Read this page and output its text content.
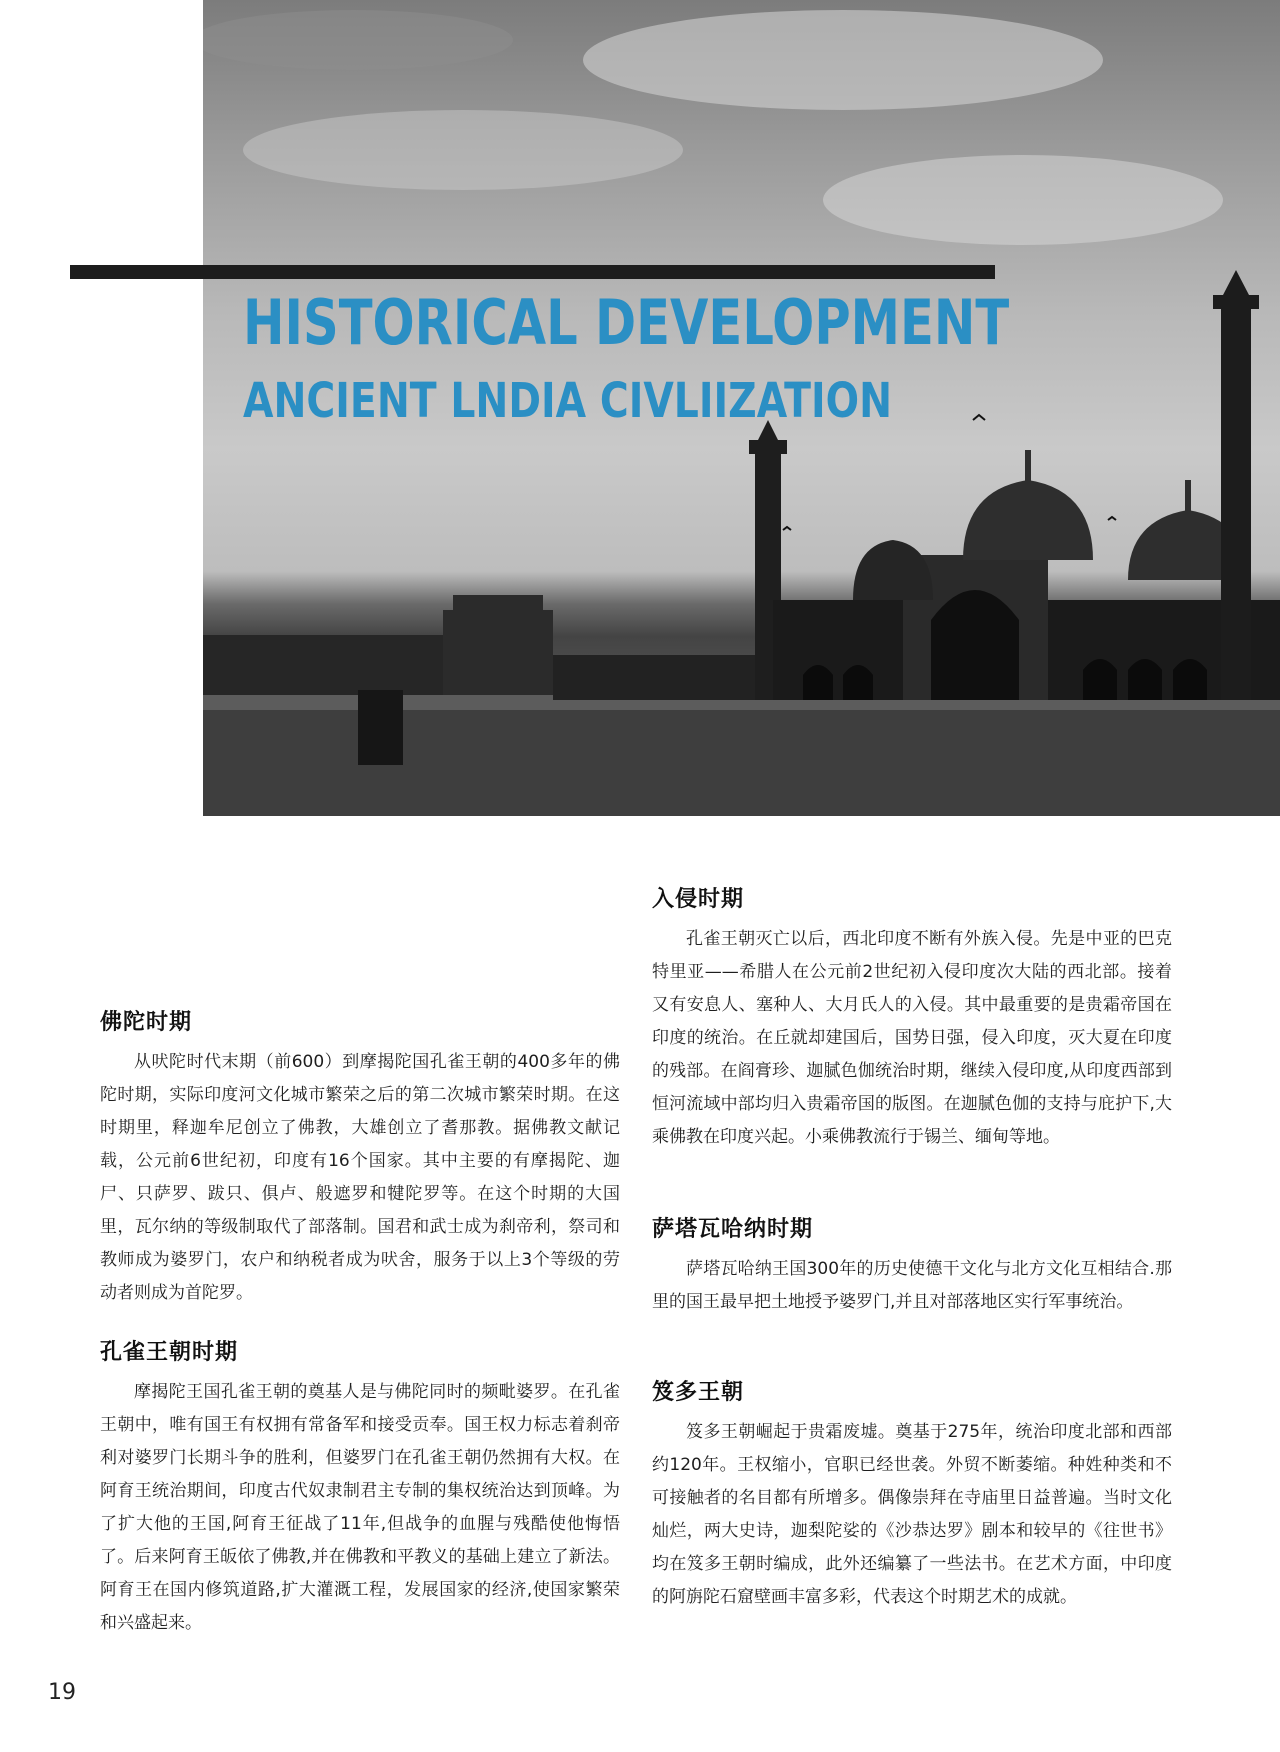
HISTORICAL DEVELOPMENT
ANCIENT LNDIA CIVLIIZATION
佛陀时期

从吠陀时代末期（前600）到摩揭陀国孔雀王朝的400多年的佛陀时期，实际印度河文化城市繁荣之后的第二次城市繁荣时期。在这时期里，释迦牟尼创立了佛教，大雄创立了耆那教。据佛教文献记载，公元前6世纪初，印度有16个国家。其中主要的有摩揭陀、迦尸、只萨罗、跋只、俱卢、般遮罗和犍陀罗等。在这个时期的大国里，瓦尔纳的等级制取代了部落制。国君和武士成为刹帝利，祭司和教师成为婆罗门，农户和纳税者成为吠舍，服务于以上3个等级的劳动者则成为首陀罗。

孔雀王朝时期

摩揭陀王国孔雀王朝的奠基人是与佛陀同时的频毗婆罗。在孔雀王朝中，唯有国王有权拥有常备军和接受贡奉。国王权力标志着刹帝利对婆罗门长期斗争的胜利，但婆罗门在孔雀王朝仍然拥有大权。在阿育王统治期间，印度古代奴隶制君主专制的集权统治达到顶峰。为了扩大他的王国,阿育王征战了11年,但战争的血腥与残酷使他悔悟了。后来阿育王皈依了佛教,并在佛教和平教义的基础上建立了新法。阿育王在国内修筑道路,扩大灌溉工程，发展国家的经济,使国家繁荣和兴盛起来。

入侵时期

孔雀王朝灭亡以后，西北印度不断有外族入侵。先是中亚的巴克特里亚——希腊人在公元前2世纪初入侵印度次大陆的西北部。接着又有安息人、塞种人、大月氏人的入侵。其中最重要的是贵霜帝国在印度的统治。在丘就却建国后，国势日强，侵入印度，灭大夏在印度的残部。在阎膏珍、迦腻色伽统治时期，继续入侵印度,从印度西部到恒河流域中部均归入贵霜帝国的版图。在迦腻色伽的支持与庇护下,大乘佛教在印度兴起。小乘佛教流行于锡兰、缅甸等地。

萨塔瓦哈纳时期

萨塔瓦哈纳王国300年的历史使德干文化与北方文化互相结合.那里的国王最早把土地授予婆罗门,并且对部落地区实行军事统治。

笈多王朝

笈多王朝崛起于贵霜废墟。奠基于275年，统治印度北部和西部约120年。王权缩小，官职已经世袭。外贸不断萎缩。种姓种类和不可接触者的名目都有所增多。偶像崇拜在寺庙里日益普遍。当时文化灿烂，两大史诗，迦梨陀娑的《沙恭达罗》剧本和较早的《往世书》均在笈多王朝时编成，此外还编纂了一些法书。在艺术方面，中印度的阿旃陀石窟壁画丰富多彩，代表这个时期艺术的成就。

19
